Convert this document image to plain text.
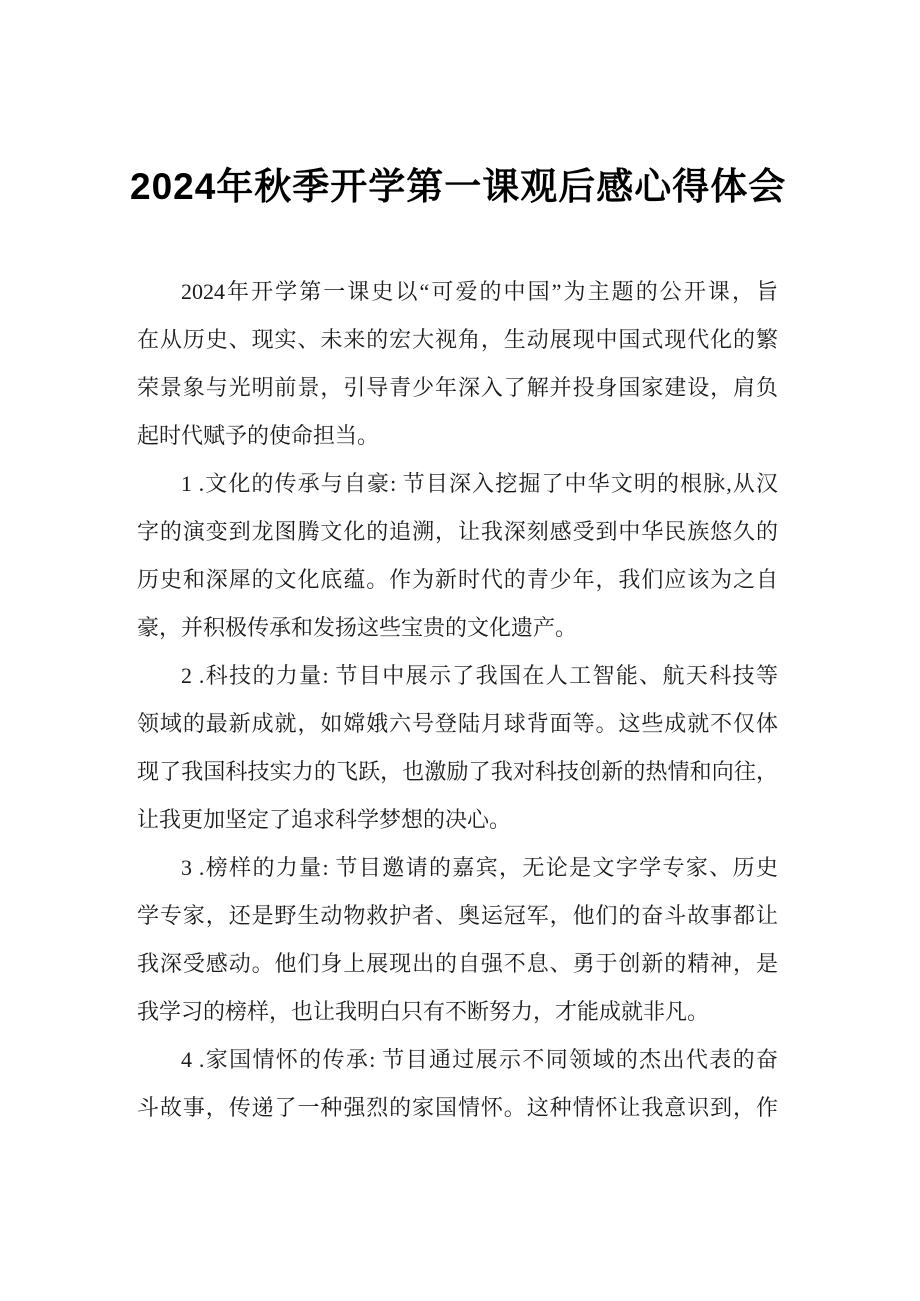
2024年秋季开学第一课观后感心得体会
2024年开学第一课史以“可爱的中国”为主题的公开课，旨
在从历史、现实、未来的宏大视角，生动展现中国式现代化的繁
荣景象与光明前景，引导青少年深入了解并投身国家建设，肩负
起时代赋予的使命担当。
1 .文化的传承与自豪: 节目深入挖掘了中华文明的根脉,从汉
字的演变到龙图腾文化的追溯，让我深刻感受到中华民族悠久的
历史和深犀的文化底蕴。作为新时代的青少年，我们应该为之自
豪，并积极传承和发扬这些宝贵的文化遗产。
2 .科技的力量: 节目中展示了我国在人工智能、航天科技等
领域的最新成就，如嫦娥六号登陆月球背面等。这些成就不仅体
现了我国科技实力的飞跃，也激励了我对科技创新的热情和向往，
让我更加坚定了追求科学梦想的决心。
3 .榜样的力量: 节目邀请的嘉宾，无论是文字学专家、历史
学专家，还是野生动物救护者、奥运冠军，他们的奋斗故事都让
我深受感动。他们身上展现出的自强不息、勇于创新的精神，是
我学习的榜样，也让我明白只有不断努力，才能成就非凡。
4 .家国情怀的传承: 节目通过展示不同领域的杰出代表的奋
斗故事，传递了一种强烈的家国情怀。这种情怀让我意识到，作
